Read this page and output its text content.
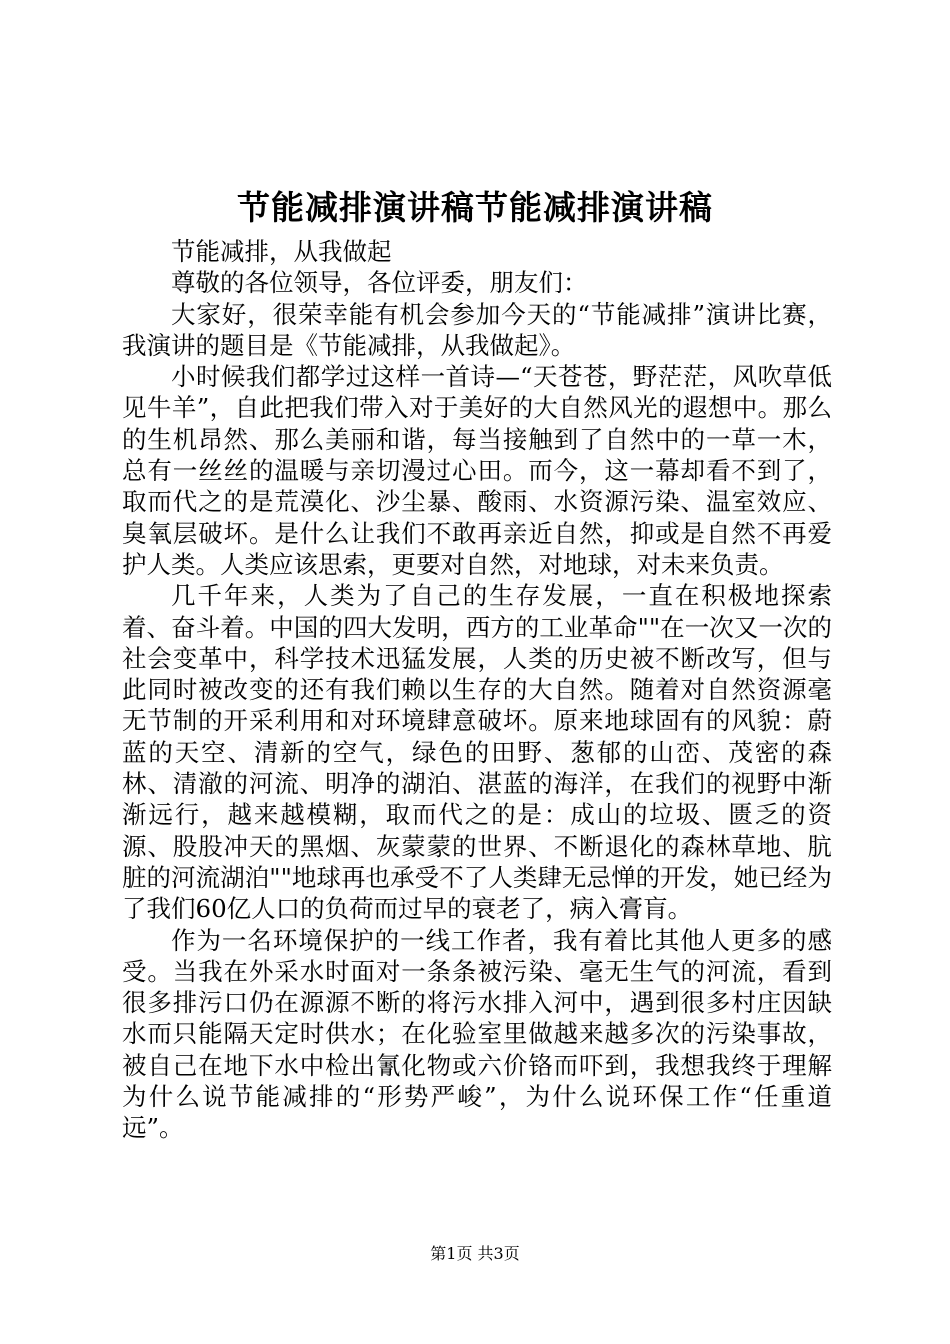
节能减排演讲稿节能减排演讲稿

节能减排，从我做起

尊敬的各位领导，各位评委，朋友们：

大家好，很荣幸能有机会参加今天的“节能减排”演讲比赛，我演讲的题目是《节能减排，从我做起》。

小时候我们都学过这样一首诗—“天苍苍，野茫茫，风吹草低见牛羊”，自此把我们带入对于美好的大自然风光的遐想中。那么的生机昂然、那么美丽和谐，每当接触到了自然中的一草一木，总有一丝丝的温暖与亲切漫过心田。而今，这一幕却看不到了，取而代之的是荒漠化、沙尘暴、酸雨、水资源污染、温室效应、臭氧层破坏。是什么让我们不敢再亲近自然，抑或是自然不再爱护人类。人类应该思索，更要对自然，对地球，对未来负责。

几千年来，人类为了自己的生存发展，一直在积极地探索着、奋斗着。中国的四大发明，西方的工业革命""在一次又一次的社会变革中，科学技术迅猛发展，人类的历史被不断改写，但与此同时被改变的还有我们赖以生存的大自然。随着对自然资源毫无节制的开采利用和对环境肆意破坏。原来地球固有的风貌：蔚蓝的天空、清新的空气，绿色的田野、葱郁的山峦、茂密的森林、清澈的河流、明净的湖泊、湛蓝的海洋，在我们的视野中渐渐远行，越来越模糊，取而代之的是：成山的垃圾、匮乏的资源、股股冲天的黑烟、灰蒙蒙的世界、不断退化的森林草地、肮脏的河流湖泊""地球再也承受不了人类肆无忌惮的开发，她已经为了我们60亿人口的负荷而过早的衰老了，病入膏肓。

作为一名环境保护的一线工作者，我有着比其他人更多的感受。当我在外采水时面对一条条被污染、毫无生气的河流，看到很多排污口仍在源源不断的将污水排入河中，遇到很多村庄因缺水而只能隔天定时供水；在化验室里做越来越多次的污染事故，被自己在地下水中检出氰化物或六价铬而吓到，我想我终于理解为什么说节能减排的“形势严峻”，为什么说环保工作“任重道远”。

第1页 共3页
